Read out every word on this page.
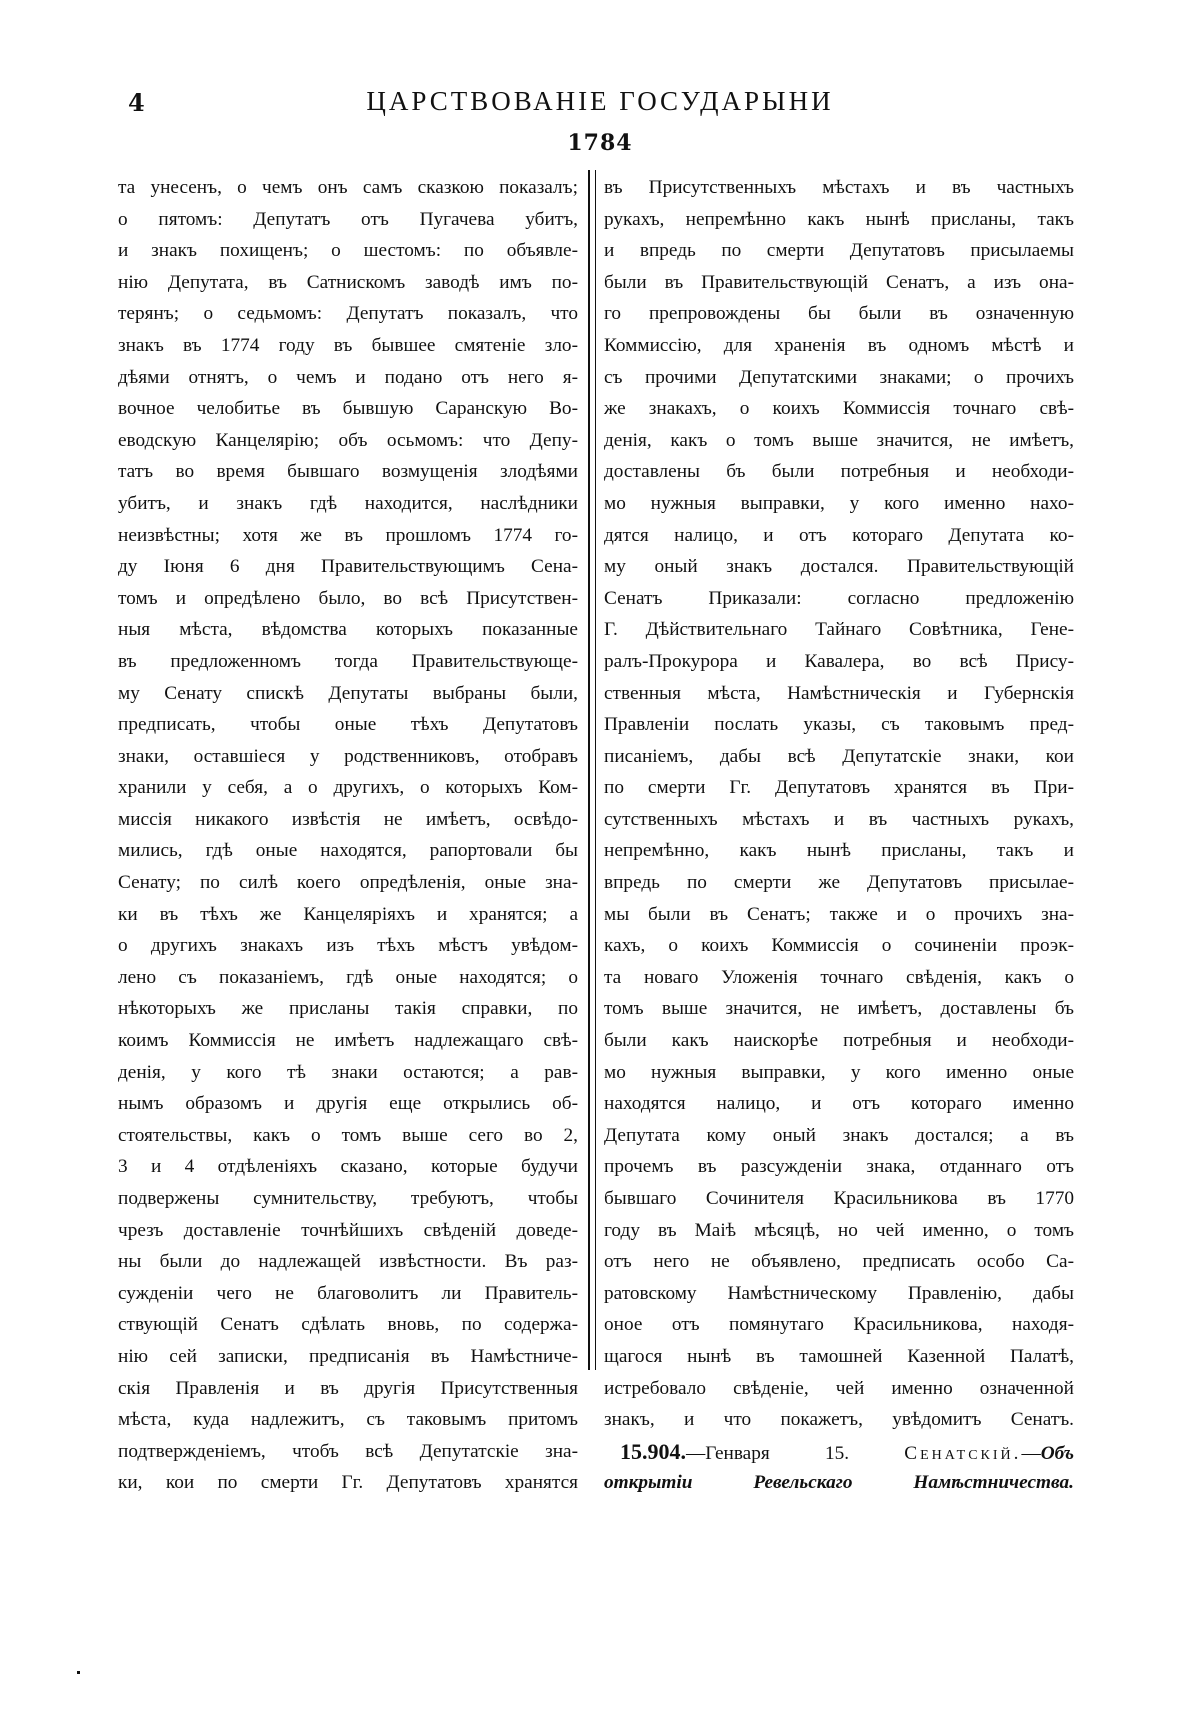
4	ЦАРСТВОВАНІЕ ГОСУДАРЫНИ
1784
та унесенъ, о чемъ онъ самъ сказкою показалъ;
о пятомъ: Депутатъ отъ Пугачева убитъ,
и знакъ похищенъ; о шестомъ: по объявле-
нію Депутата, въ Сатнискомъ заводѣ имъ по-
терянъ; о седьмомъ: Депутатъ показалъ, что
знакъ въ 1774 году въ бывшее смятеніе зло-
дѣями отнятъ, о чемъ и подано отъ него я-
вочное челобитье въ бывшую Саранскую Во-
еводскую Канцелярію; объ осьмомъ: что Депу-
татъ во время бывшаго возмущенія злодѣями
убитъ, и знакъ гдѣ находится, наслѣдники
неизвѣстны; хотя же въ прошломъ 1774 го-
ду Іюня 6 дня Правительствующимъ Сена-
томъ и опредѣлено было, во всѣ Присутствен-
ныя мѣста, вѣдомства которыхъ показанные
въ предложенномъ тогда Правительствующе-
му Сенату спискѣ Депутаты выбраны были,
предписать, чтобы оные тѣхъ Депутатовъ
знаки, оставшіеся у родственниковъ, отобравъ
хранили у себя, а о другихъ, о которыхъ Ком-
миссія никакого извѣстія не имѣетъ, освѣдо-
мились, гдѣ оные находятся, рапортовали бы
Сенату; по силѣ коего опредѣленія, оные зна-
ки въ тѣхъ же Канцеляріяхъ и хранятся; а
о другихъ знакахъ изъ тѣхъ мѣстъ увѣдом-
лено съ показаніемъ, гдѣ оные находятся; о
нѣкоторыхъ же присланы такія справки, по
коимъ Коммиссія не имѣетъ надлежащаго свѣ-
денія, у кого тѣ знаки остаются; а рав-
нымъ образомъ и другія еще открылись об-
стоятельствы, какъ о томъ выше сего во 2,
3 и 4 отдѣленіяхъ сказано, которые будучи
подвержены сумнительству, требуютъ, чтобы
чрезъ доставленіе точнѣйшихъ свѣденій доведе-
ны были до надлежащей извѣстности. Въ раз-
сужденіи чего не благоволитъ ли Правитель-
ствующій Сенатъ сдѣлать вновь, по содержа-
нію сей записки, предписанія въ Намѣстниче-
скія Правленія и въ другія Присутственныя
мѣста, куда надлежитъ, съ таковымъ притомъ
подтвержденіемъ, чтобъ всѣ Депутатскіе зна-
ки, кои по смерти Гг. Депутатовъ хранятся
въ Присутственныхъ мѣстахъ и въ частныхъ
рукахъ, непремѣнно какъ нынѣ присланы, такъ
и впредь по смерти Депутатовъ присылаемы
были въ Правительствующій Сенатъ, а изъ она-
го препровождены бы были въ означенную
Коммиссію, для храненія въ одномъ мѣстѣ и
съ прочими Депутатскими знаками; о прочихъ
же знакахъ, о коихъ Коммиссія точнаго свѣ-
денія, какъ о томъ выше значится, не имѣетъ,
доставлены бъ были потребныя и необходи-
мо нужныя выправки, у кого именно нахо-
дятся налицо, и отъ котораго Депутата ко-
му оный знакъ достался. Правительствующій
Сенатъ Приказали: согласно предложенію
Г. Дѣйствительнаго Тайнаго Совѣтника, Гене-
ралъ-Прокурора и Кавалера, во всѣ Прису-
ственныя мѣста, Намѣстническія и Губернскія
Правленіи послать указы, съ таковымъ пред-
писаніемъ, дабы всѣ Депутатскіе знаки, кои
по смерти Гг. Депутатовъ хранятся въ При-
сутственныхъ мѣстахъ и въ частныхъ рукахъ,
непремѣнно, какъ нынѣ присланы, такъ и
впредь по смерти же Депутатовъ присылае-
мы были въ Сенатъ; также и о прочихъ зна-
кахъ, о коихъ Коммиссія о сочиненіи проэк-
та новаго Уложенія точнаго свѣденія, какъ о
томъ выше значится, не имѣетъ, доставлены бъ
были какъ наискорѣе потребныя и необходи-
мо нужныя выправки, у кого именно оные
находятся налицо, и отъ котораго именно
Депутата кому оный знакъ достался; а въ
прочемъ въ разсужденіи знака, отданнаго отъ
бывшаго Сочинителя Красильникова въ 1770
году въ Маіѣ мѣсяцѣ, но чей именно, о томъ
отъ него не объявлено, предписать особо Са-
ратовскому Намѣстническому Правленію, дабы
оное отъ помянутаго Красильникова, находя-
щагося нынѣ въ тамошней Казенной Палатѣ,
истребовало свѣденіе, чей именно означенной
знакъ, и что покажетъ, увѣдомитъ Сенатъ.
15.904.—Генваря 15.	Сенатскій.—Объ
открытіи Ревельскаго Намѣстничества.
